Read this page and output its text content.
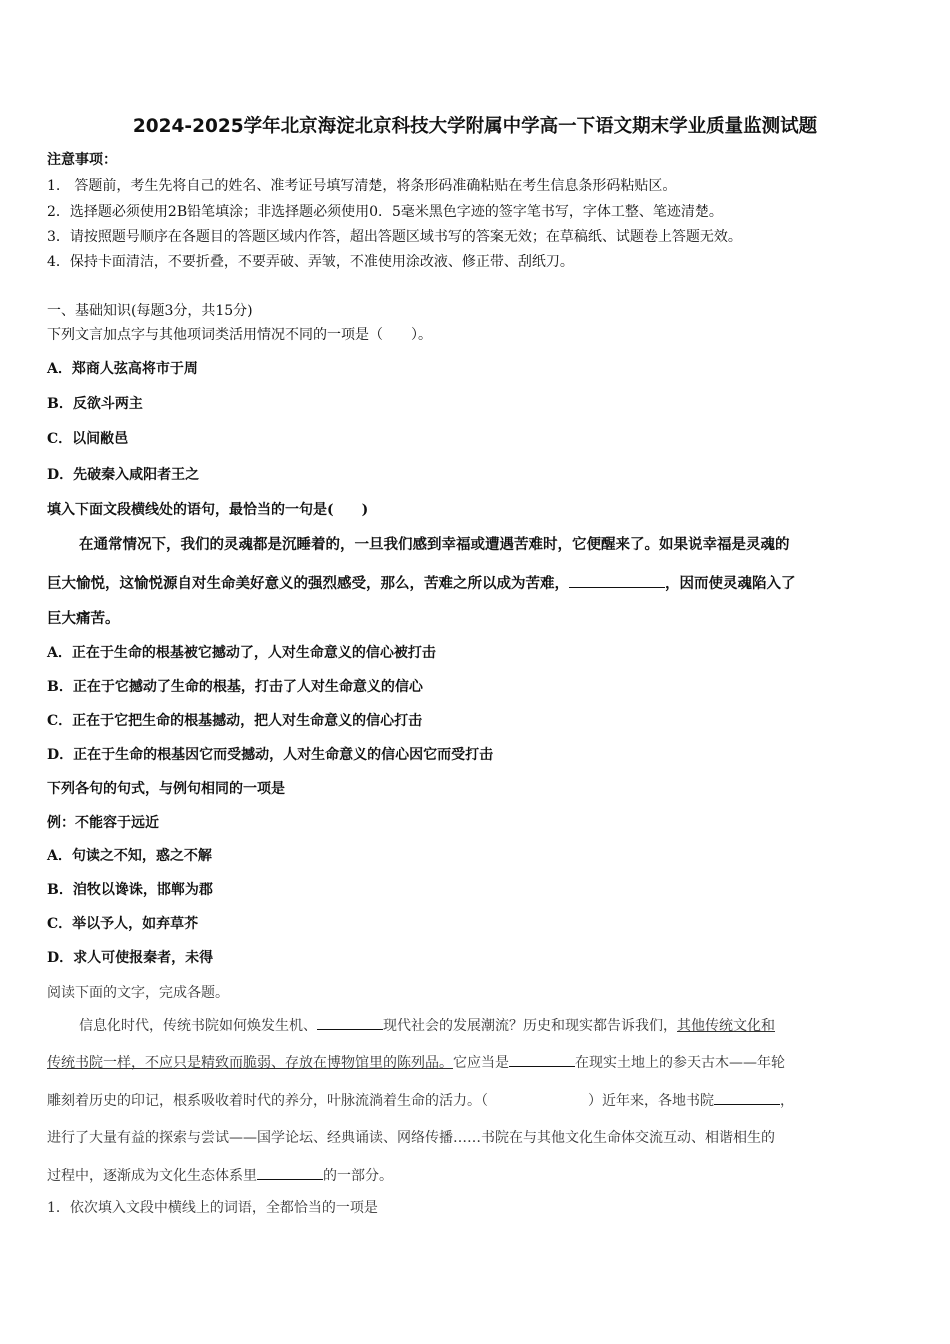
2024-2025学年北京海淀北京科技大学附属中学高一下语文期末学业质量监测试题
注意事项：
1.　答题前，考生先将自己的姓名、准考证号填写清楚，将条形码准确粘贴在考生信息条形码粘贴区。
2．选择题必须使用2B铅笔填涂；非选择题必须使用0．5毫米黑色字迹的签字笔书写，字体工整、笔迹清楚。
3．请按照题号顺序在各题目的答题区域内作答，超出答题区域书写的答案无效；在草稿纸、试题卷上答题无效。
4．保持卡面清洁，不要折叠，不要弄破、弄皱，不准使用涂改液、修正带、刮纸刀。
一、基础知识(每题3分，共15分)
下列文言加点字与其他项词类活用情况不同的一项是（　　）。
A．郑商人弦高将市于周
B．反欲斗两主
C．以间敝邑
D．先破秦入咸阳者王之
填入下面文段横线处的语句，最恰当的一句是(　　)
在通常情况下，我们的灵魂都是沉睡着的，一旦我们感到幸福或遭遇苦难时，它便醒来了。如果说幸福是灵魂的
巨大愉悦，这愉悦源自对生命美好意义的强烈感受，那么，苦难之所以成为苦难，	，因而使灵魂陷入了
巨大痛苦。
A．正在于生命的根基被它撼动了，人对生命意义的信心被打击
B．正在于它撼动了生命的根基，打击了人对生命意义的信心
C．正在于它把生命的根基撼动，把人对生命意义的信心打击
D．正在于生命的根基因它而受撼动，人对生命意义的信心因它而受打击
下列各句的句式，与例句相同的一项是
例：不能容于远近
A．句读之不知，惑之不解
B．洎牧以谗诛，邯郸为郡
C．举以予人，如弃草芥
D．求人可使报秦者，未得
阅读下面的文字，完成各题。
信息化时代，传统书院如何焕发生机、	现代社会的发展潮流？历史和现实都告诉我们，其他传统文化和
传统书院一样，不应只是精致而脆弱、存放在博物馆里的陈列品。它应当是	在现实土地上的参天古木——年轮
雕刻着历史的印记，根系吸收着时代的养分，叶脉流淌着生命的活力。（	）近年来，各地书院	，
进行了大量有益的探索与尝试——国学论坛、经典诵读、网络传播……书院在与其他文化生命体交流互动、相谐相生的
过程中，逐渐成为文化生态体系里	的一部分。
1．依次填入文段中横线上的词语，全都恰当的一项是
